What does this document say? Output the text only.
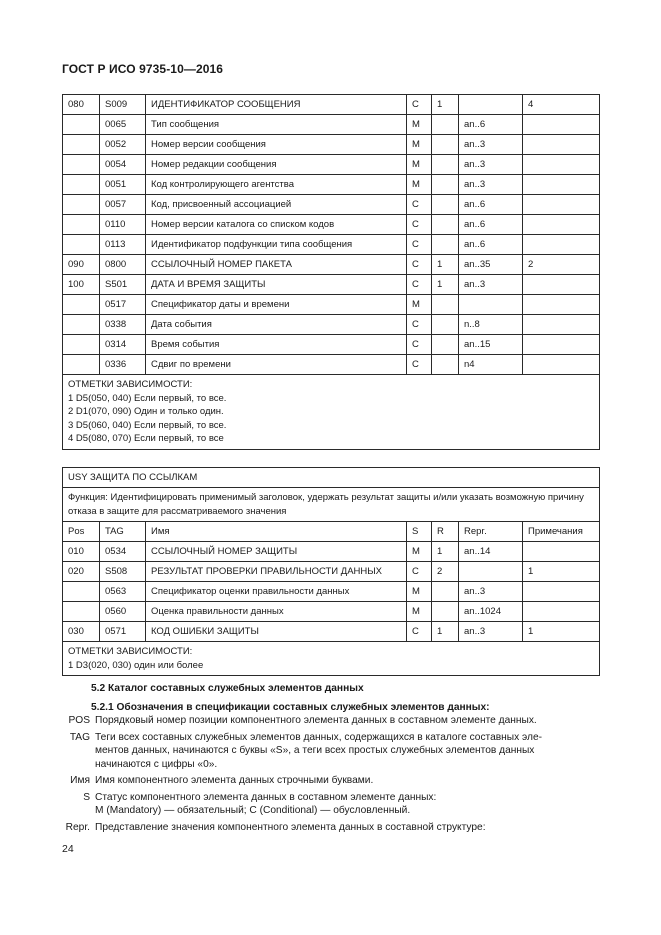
ГОСТ Р ИСО 9735-10—2016
080	S009	ИДЕНТИФИКАТОР СООБЩЕНИЯ	С	1		4
	0065	Тип сообщения	М		an..6	
	0052	Номер версии сообщения	М		an..3	
	0054	Номер редакции сообщения	М		an..3	
	0051	Код контролирующего агентства	М		an..3	
	0057	Код, присвоенный ассоциацией	С		an..6	
	0110	Номер версии каталога со списком кодов	С		an..6	
	0113	Идентификатор подфункции типа сообщения	С		an..6	
090	0800	ССЫЛОЧНЫЙ НОМЕР ПАКЕТА	С	1	an..35	2
100	S501	ДАТА И ВРЕМЯ ЗАЩИТЫ	С	1	an..3	
	0517	Спецификатор даты и времени	М			
	0338	Дата события	С		n..8	
	0314	Время события	С		an..15	
	0336	Сдвиг по времени	С		n4	

ОТМЕТКИ ЗАВИСИМОСТИ:
1 D5(050, 040) Если первый, то все.
2 D1(070, 090) Один и только один.
3 D5(060, 040) Если первый, то все.
4 D5(080, 070) Если первый, то все						
USY ЗАЩИТА ПО ССЫЛКАМ						
Функция: Идентифицировать применимый заголовок, удержать результат защиты и/или указать возможную причину отказа в защите для рассматриваемого значения						
Pos	TAG	Имя	S	R	Repr.	Примечания
010	0534	ССЫЛОЧНЫЙ НОМЕР ЗАЩИТЫ	М	1	an..14	
020	S508	РЕЗУЛЬТАТ ПРОВЕРКИ ПРАВИЛЬНОСТИ ДАННЫХ	С	2		1
	0563	Спецификатор оценки правильности данных	М		an..3	
	0560	Оценка правильности данных	М		an..1024	
030	0571	КОД ОШИБКИ ЗАЩИТЫ	С	1	an..3	1

ОТМЕТКИ ЗАВИСИМОСТИ:
1 D3(020, 030) один или более						
5.2 Каталог составных служебных элементов данных
5.2.1 Обозначения в спецификации составных служебных элементов данных:
POS Порядковый номер позиции компонентного элемента данных в составном элементе данных.
TAG Теги всех составных служебных элементов данных, содержащихся в каталоге составных эле-
ментов данных, начинаются с буквы «S», а теги всех простых служебных элементов данных
начинаются с цифры «0».
Имя Имя компонентного элемента данных строчными буквами.
S Статус компонентного элемента данных в составном элементе данных:
M (Mandatory) — обязательный; C (Conditional) — обусловленный.
Repr. Представление значения компонентного элемента данных в составной структуре:
24
